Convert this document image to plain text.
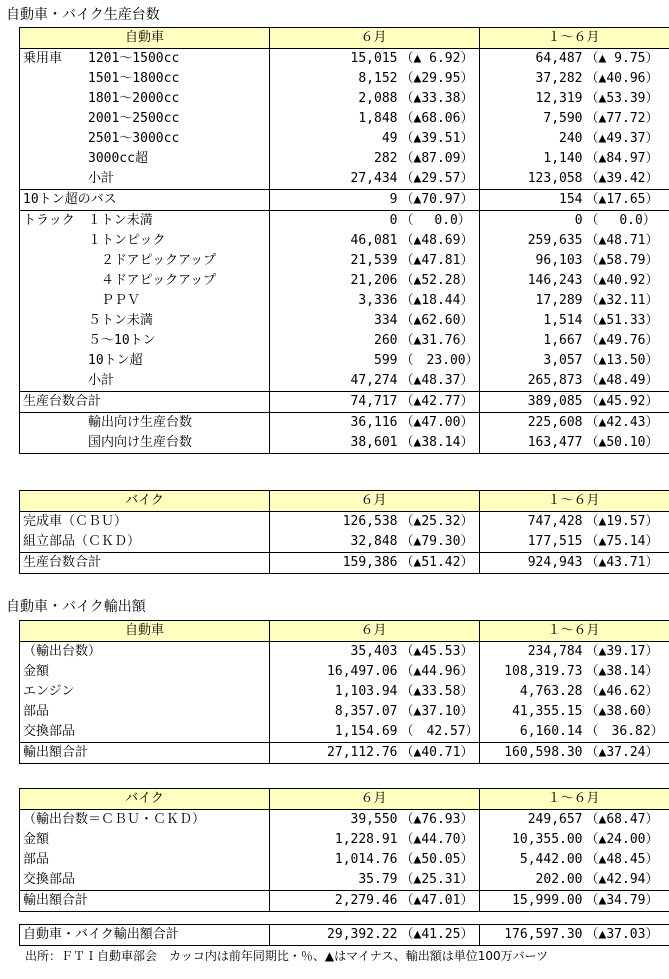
自動車・バイク生産台数
自動車・バイク輸出額
自動車	６月		１～６月	
乗用車　　1201～1500cc	15,015	（▲ 6.92）	64,487	（▲ 9.75）
　　　　　1501～1800cc	8,152	（▲29.95）	37,282	（▲40.96）
　　　　　1801～2000cc	2,088	（▲33.38）	12,319	（▲53.39）
　　　　　2001～2500cc	1,848	（▲68.06）	7,590	（▲77.72）
　　　　　2501～3000cc	49	（▲39.51）	240	（▲49.37）
　　　　　3000cc超	282	（▲87.09）	1,140	（▲84.97）
　　　　　小計	27,434	（▲29.57）	123,058	（▲39.42）
10トン超のバス	9	（▲70.97）	154	（▲17.65）
トラック　１トン未満	0	（　 0.0）	0	（　 0.0）
　　　　　１トンピック	46,081	（▲48.69）	259,635	（▲48.71）
　　　　　　２ドアピックアップ	21,539	（▲47.81）	96,103	（▲58.79）
　　　　　　４ドアピックアップ	21,206	（▲52.28）	146,243	（▲40.92）
　　　　　　ＰＰＶ	3,336	（▲18.44）	17,289	（▲32.11）
　　　　　５トン未満	334	（▲62.60）	1,514	（▲51.33）
　　　　　５～10トン	260	（▲31.76）	1,667	（▲49.76）
　　　　　10トン超	599	（　23.00）	3,057	（▲13.50）
　　　　　小計	47,274	（▲48.37）	265,873	（▲48.49）
生産台数合計	74,717	（▲42.77）	389,085	（▲45.92）
　　　　　輸出向け生産台数	36,116	（▲47.00）	225,608	（▲42.43）
　　　　　国内向け生産台数	38,601	（▲38.14）	163,477	（▲50.10）
バイク	６月		１～６月	
完成車（ＣＢＵ）	126,538	（▲25.32）	747,428	（▲19.57）
組立部品（ＣＫＤ）	32,848	（▲79.30）	177,515	（▲75.14）
生産台数合計	159,386	（▲51.42）	924,943	（▲43.71）
自動車	６月		１～６月	
（輸出台数）	35,403	（▲45.53）	234,784	（▲39.17）
金額	16,497.06	（▲44.96）	108,319.73	（▲38.14）
エンジン	1,103.94	（▲33.58）	4,763.28	（▲46.62）
部品	8,357.07	（▲37.10）	41,355.15	（▲38.60）
交換部品	1,154.69	（　42.57）	6,160.14	（　36.82）
輸出額合計	27,112.76	（▲40.71）	160,598.30	（▲37.24）
バイク	６月		１～６月	
（輸出台数＝ＣＢＵ・ＣＫＤ）	39,550	（▲76.93）	249,657	（▲68.47）
金額	1,228.91	（▲44.70）	10,355.00	（▲24.00）
部品	1,014.76	（▲50.05）	5,442.00	（▲48.45）
交換部品	35.79	（▲25.31）	202.00	（▲42.94）
輸出額合計	2,279.46	（▲47.01）	15,999.00	（▲34.79）
自動車・バイク輸出額合計	29,392.22	（▲41.25）	176,597.30	（▲37.03）
出所：ＦＴＩ自動車部会　カッコ内は前年同期比・％、▲はマイナス、輸出額は単位100万バーツ
